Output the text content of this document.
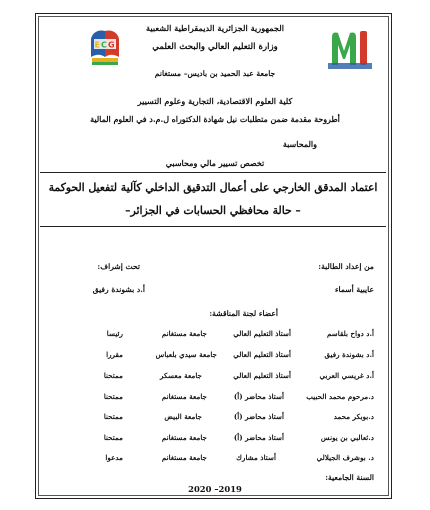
E C G
الجمهورية الجزائرية الديمقراطية الشعبية
وزارة التعليم العالي والبحث العلمي
جامعة عبد الحميد بن باديس– مستغانم
كلية العلوم الاقتصادية، التجارية وعلوم التسيير
أطروحة مقدمة ضمن متطلبات نيل شهادة الدكتوراه ل.م.د في العلوم المالية
والمحاسبة
تخصص تسيير مالي ومحاسبي
اعتماد المدقق الخارجي على أعمال التدقيق الداخلي كآلية لتفعيل الحوكمة
– حالة محافظي الحسابات في الجزائر–
من إعداد الطالبة:
تحت إشراف:
عايبية أسماء
أ.د بشوندة رفيق
أعضاء لجنة المناقشة:
أ.د دواح بلقاسم
أستاذ التعليم العالي
جامعة مستغانم
رئيسا
أ.د بشوندة رفيق
أستاذ التعليم العالي
جامعة سيدي بلعباس
مقررا
أ.د غريسي العربي
أستاذ التعليم العالي
جامعة معسكر
ممتحنا
د.مرحوم محمد الحبيب
أستاذ محاضر (أ)
جامعة مستغانم
ممتحنا
د.بوبكر محمد
أستاذ محاضر (أ)
جامعة البيض
ممتحنا
د.ثعالبي بن يونس
أستاذ محاضر (أ)
جامعة مستغانم
ممتحنا
د. بوشرف الجيلالي
أستاذ مشارك
جامعة مستغانم
مدعوا
السنة الجامعية:
2019– 2020
